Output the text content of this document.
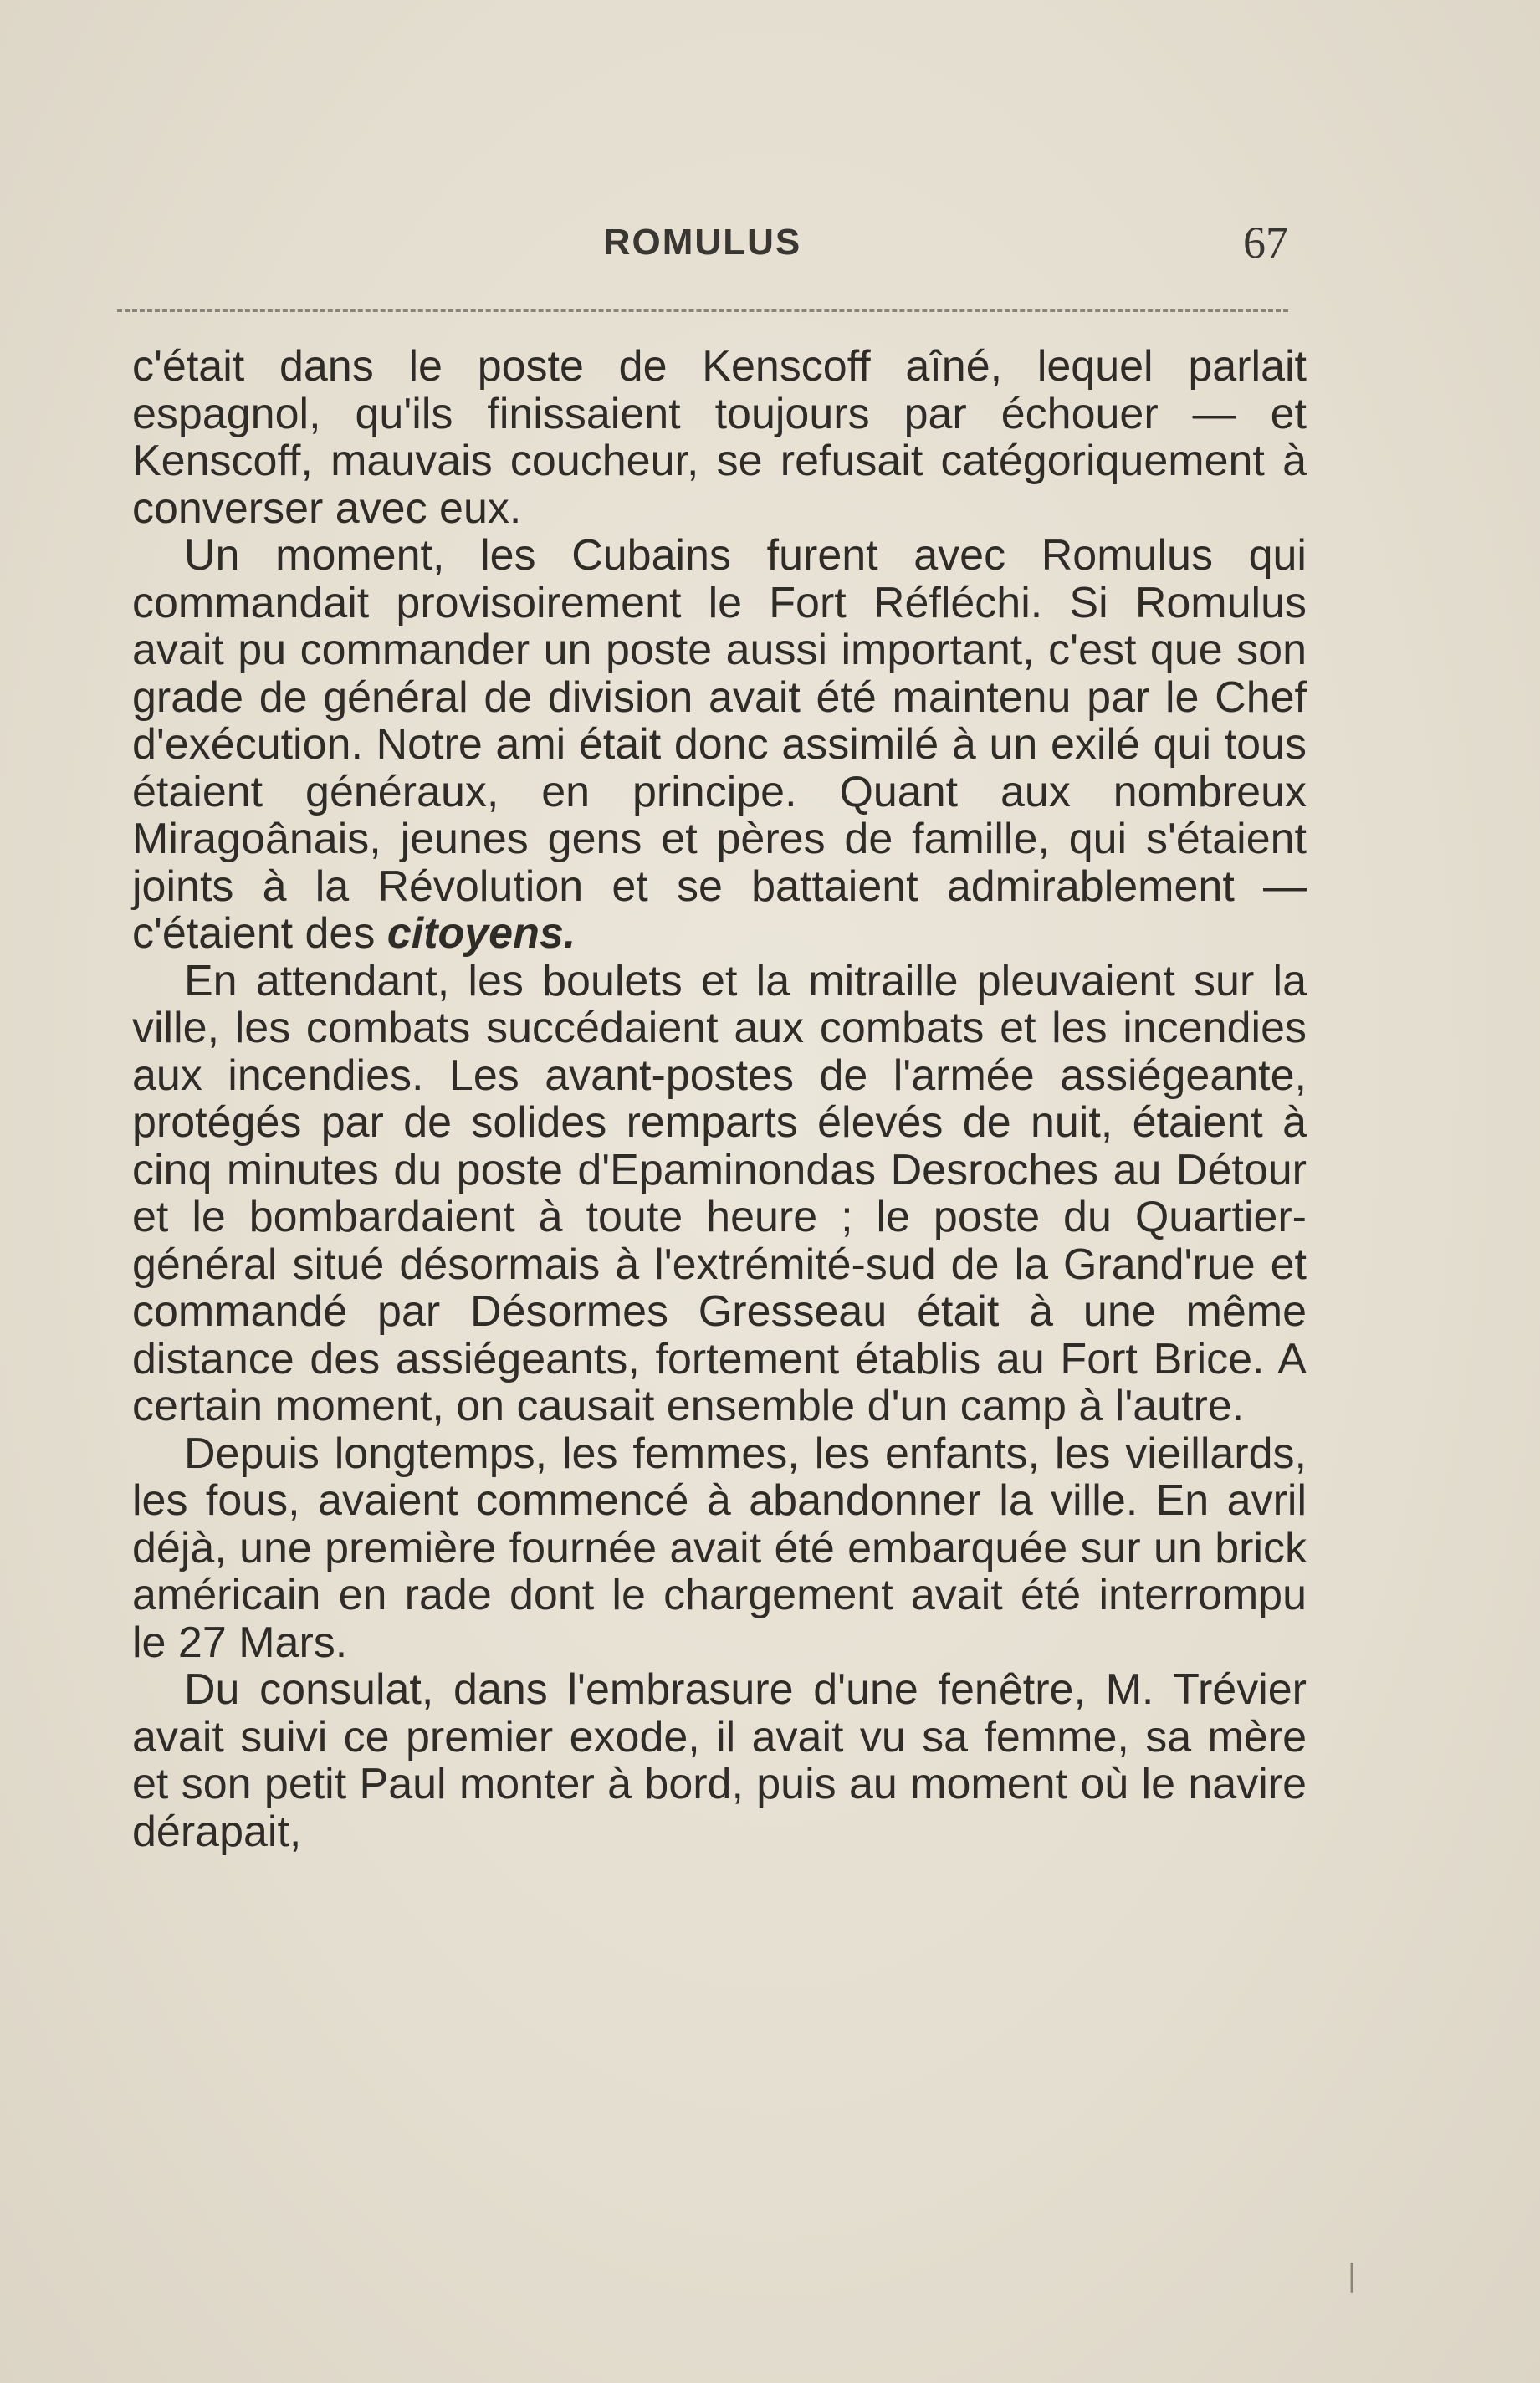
ROMULUS	67

c'était dans le poste de Kenscoff aîné, lequel parlait espagnol, qu'ils finissaient toujours par échouer — et Kenscoff, mauvais coucheur, se refusait catégoriquement à converser avec eux.

Un moment, les Cubains furent avec Romulus qui commandait provisoirement le Fort Réfléchi. Si Romulus avait pu commander un poste aussi important, c'est que son grade de général de division avait été maintenu par le Chef d'exécution. Notre ami était donc assimilé à un exilé qui tous étaient généraux, en principe. Quant aux nombreux Miragoânais, jeunes gens et pères de famille, qui s'étaient joints à la Révolution et se battaient admirablement — c'étaient des citoyens.

En attendant, les boulets et la mitraille pleuvaient sur la ville, les combats succédaient aux combats et les incendies aux incendies. Les avant-postes de l'armée assiégeante, protégés par de solides remparts élevés de nuit, étaient à cinq minutes du poste d'Epaminondas Desroches au Détour et le bombardaient à toute heure ; le poste du Quartier-général situé désormais à l'extrémité-sud de la Grand'rue et commandé par Désormes Gresseau était à une même distance des assiégeants, fortement établis au Fort Brice. A certain moment, on causait ensemble d'un camp à l'autre.

Depuis longtemps, les femmes, les enfants, les vieillards, les fous, avaient commencé à abandonner la ville. En avril déjà, une première fournée avait été embarquée sur un brick américain en rade dont le chargement avait été interrompu le 27 Mars.

Du consulat, dans l'embrasure d'une fenêtre, M. Trévier avait suivi ce premier exode, il avait vu sa femme, sa mère et son petit Paul monter à bord, puis au moment où le navire dérapait,

|
